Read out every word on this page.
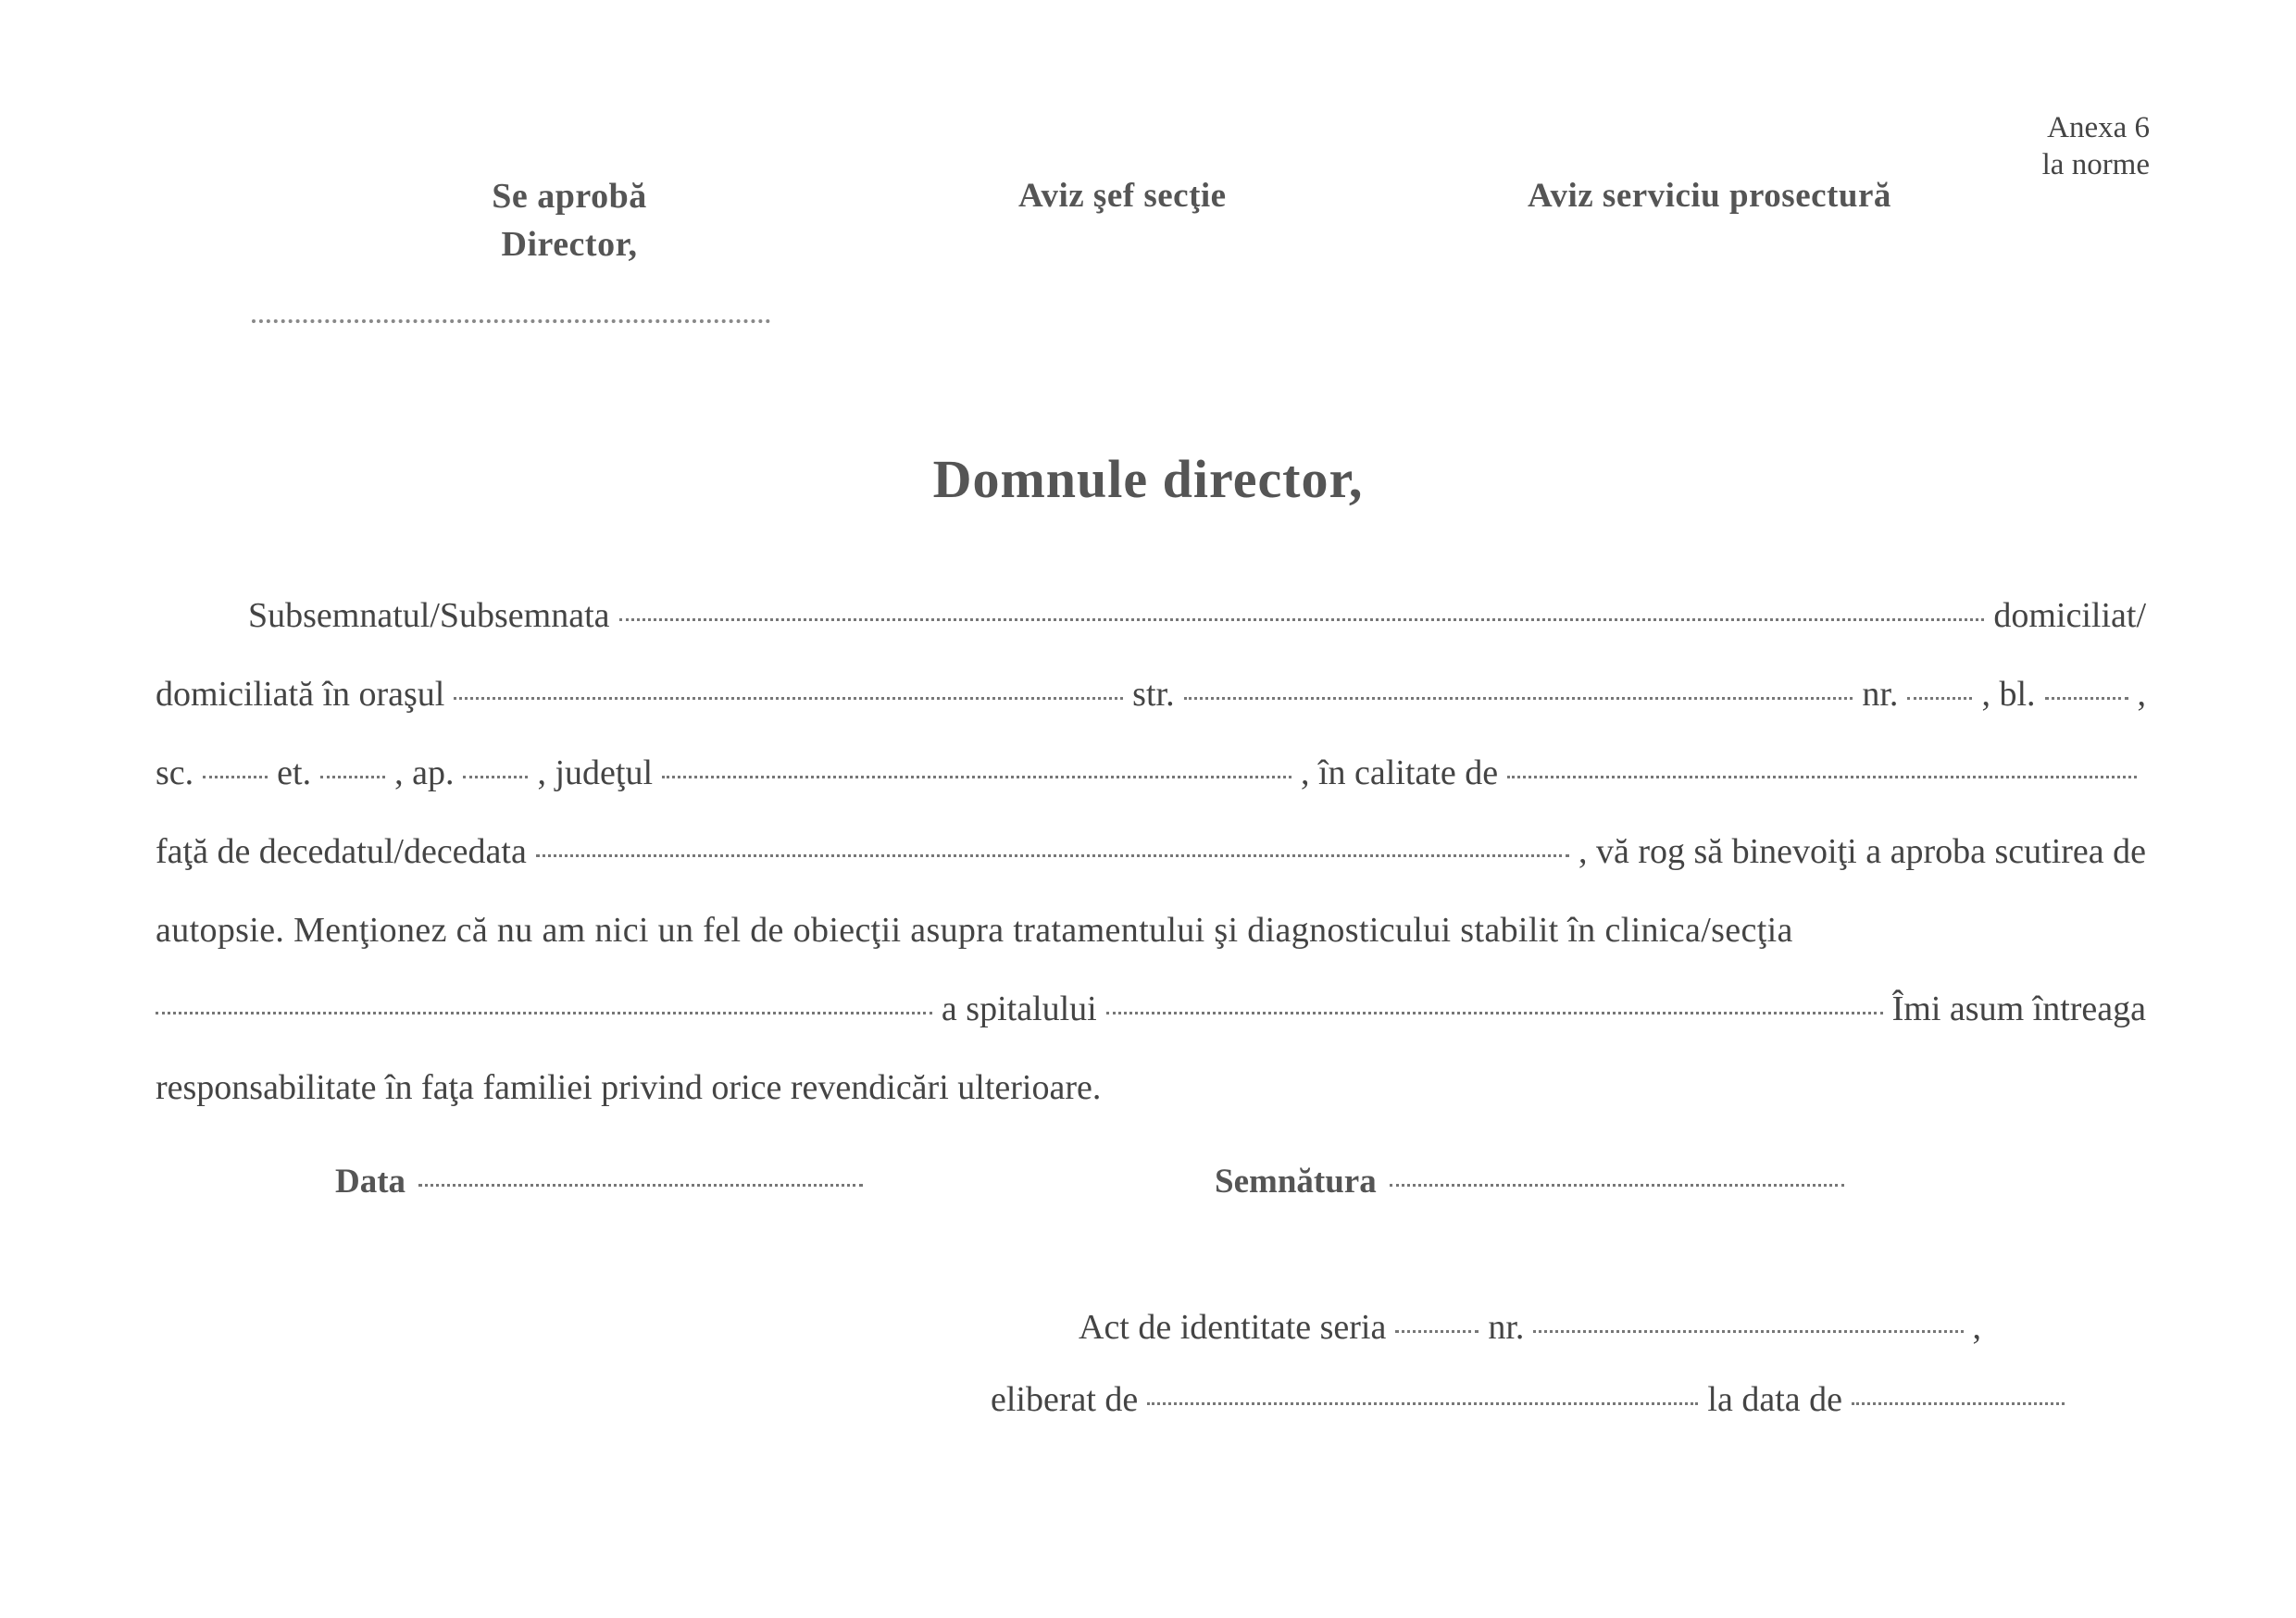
Anexa 6
la norme
Se aprobă
Director,
Aviz şef secţie	Aviz serviciu prosectură
Domnule director,
Subsemnatul/Subsemnata	domiciliat/
domiciliată în oraşul	str.	nr. , bl.	,
sc. et. , ap. , judeţul	, în calitate de
faţă de decedatul/decedata	, vă rog să binevoiţi a aproba scutirea de
autopsie. Menţionez că nu am nici un fel de obiecţii asupra tratamentului şi diagnosticului stabilit în clinica/secţia
a spitalului	Îmi asum întreaga
responsabilitate în faţa familiei privind orice revendicări ulterioare.
Data	Semnătura
Act de identitate seria	nr.	,
eliberat de	la data de
